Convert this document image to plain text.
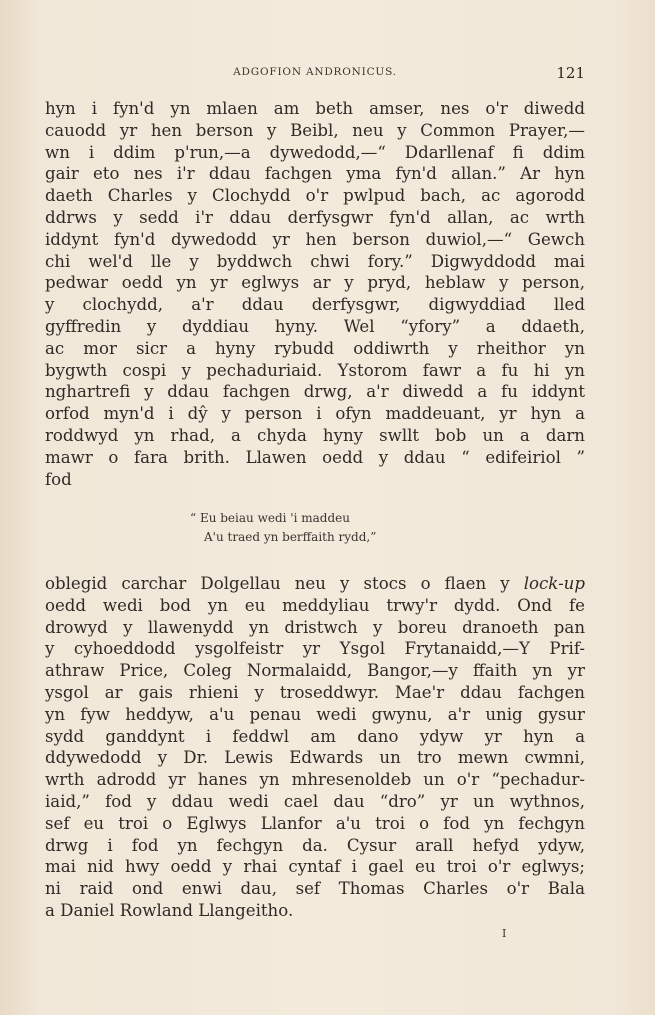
ADGOFION ANDRONICUS.	121
hyn i fyn'd yn mlaen am beth amser, nes o'r diwedd
cauodd yr hen berson y Beibl, neu y Common Prayer,—
wn i ddim p'run,—a dywedodd,—“ Ddarllenaf fi ddim
gair eto nes i'r ddau fachgen yma fyn'd allan.” Ar hyn
daeth Charles y Clochydd o'r pwlpud bach, ac agorodd
ddrws y sedd i'r ddau derfysgwr fyn'd allan, ac wrth
iddynt fyn'd dywedodd yr hen berson duwiol,—“ Gewch
chi wel'd lle y byddwch chwi fory.” Digwyddodd mai
pedwar oedd yn yr eglwys ar y pryd, heblaw y person,
y clochydd, a'r ddau derfysgwr, digwyddiad lled
gyffredin y dyddiau hyny. Wel “yfory” a ddaeth,
ac mor sicr a hyny rybudd oddiwrth y rheithor yn
bygwth cospi y pechaduriaid. Ystorom fawr a fu hi yn
nghartrefi y ddau fachgen drwg, a'r diwedd a fu iddynt
orfod myn'd i dŷ y person i ofyn maddeuant, yr hyn a
roddwyd yn rhad, a chyda hyny swllt bob un a darn
mawr o fara brith. Llawen oedd y ddau “ edifeiriol ”
fod
“ Eu beiau wedi 'i maddeu
A'u traed yn berffaith rydd,”
oblegid carchar Dolgellau neu y stocs o flaen y lock-up
oedd wedi bod yn eu meddyliau trwy'r dydd. Ond fe
drowyd y llawenydd yn dristwch y boreu dranoeth pan
y cyhoeddodd ysgolfeistr yr Ysgol Frytanaidd,—Y Prif-
athraw Price, Coleg Normalaidd, Bangor,—y ffaith yn yr
ysgol ar gais rhieni y troseddwyr. Mae'r ddau fachgen
yn fyw heddyw, a'u penau wedi gwynu, a'r unig gysur
sydd ganddynt i feddwl am dano ydyw yr hyn a
ddywedodd y Dr. Lewis Edwards un tro mewn cwmni,
wrth adrodd yr hanes yn mhresenoldeb un o'r “pechadur-
iaid,” fod y ddau wedi cael dau “dro” yr un wythnos,
sef eu troi o Eglwys Llanfor a'u troi o fod yn fechgyn
drwg i fod yn fechgyn da. Cysur arall hefyd ydyw,
mai nid hwy oedd y rhai cyntaf i gael eu troi o'r eglwys;
ni raid ond enwi dau, sef Thomas Charles o'r Bala
a Daniel Rowland Llangeitho.
I
